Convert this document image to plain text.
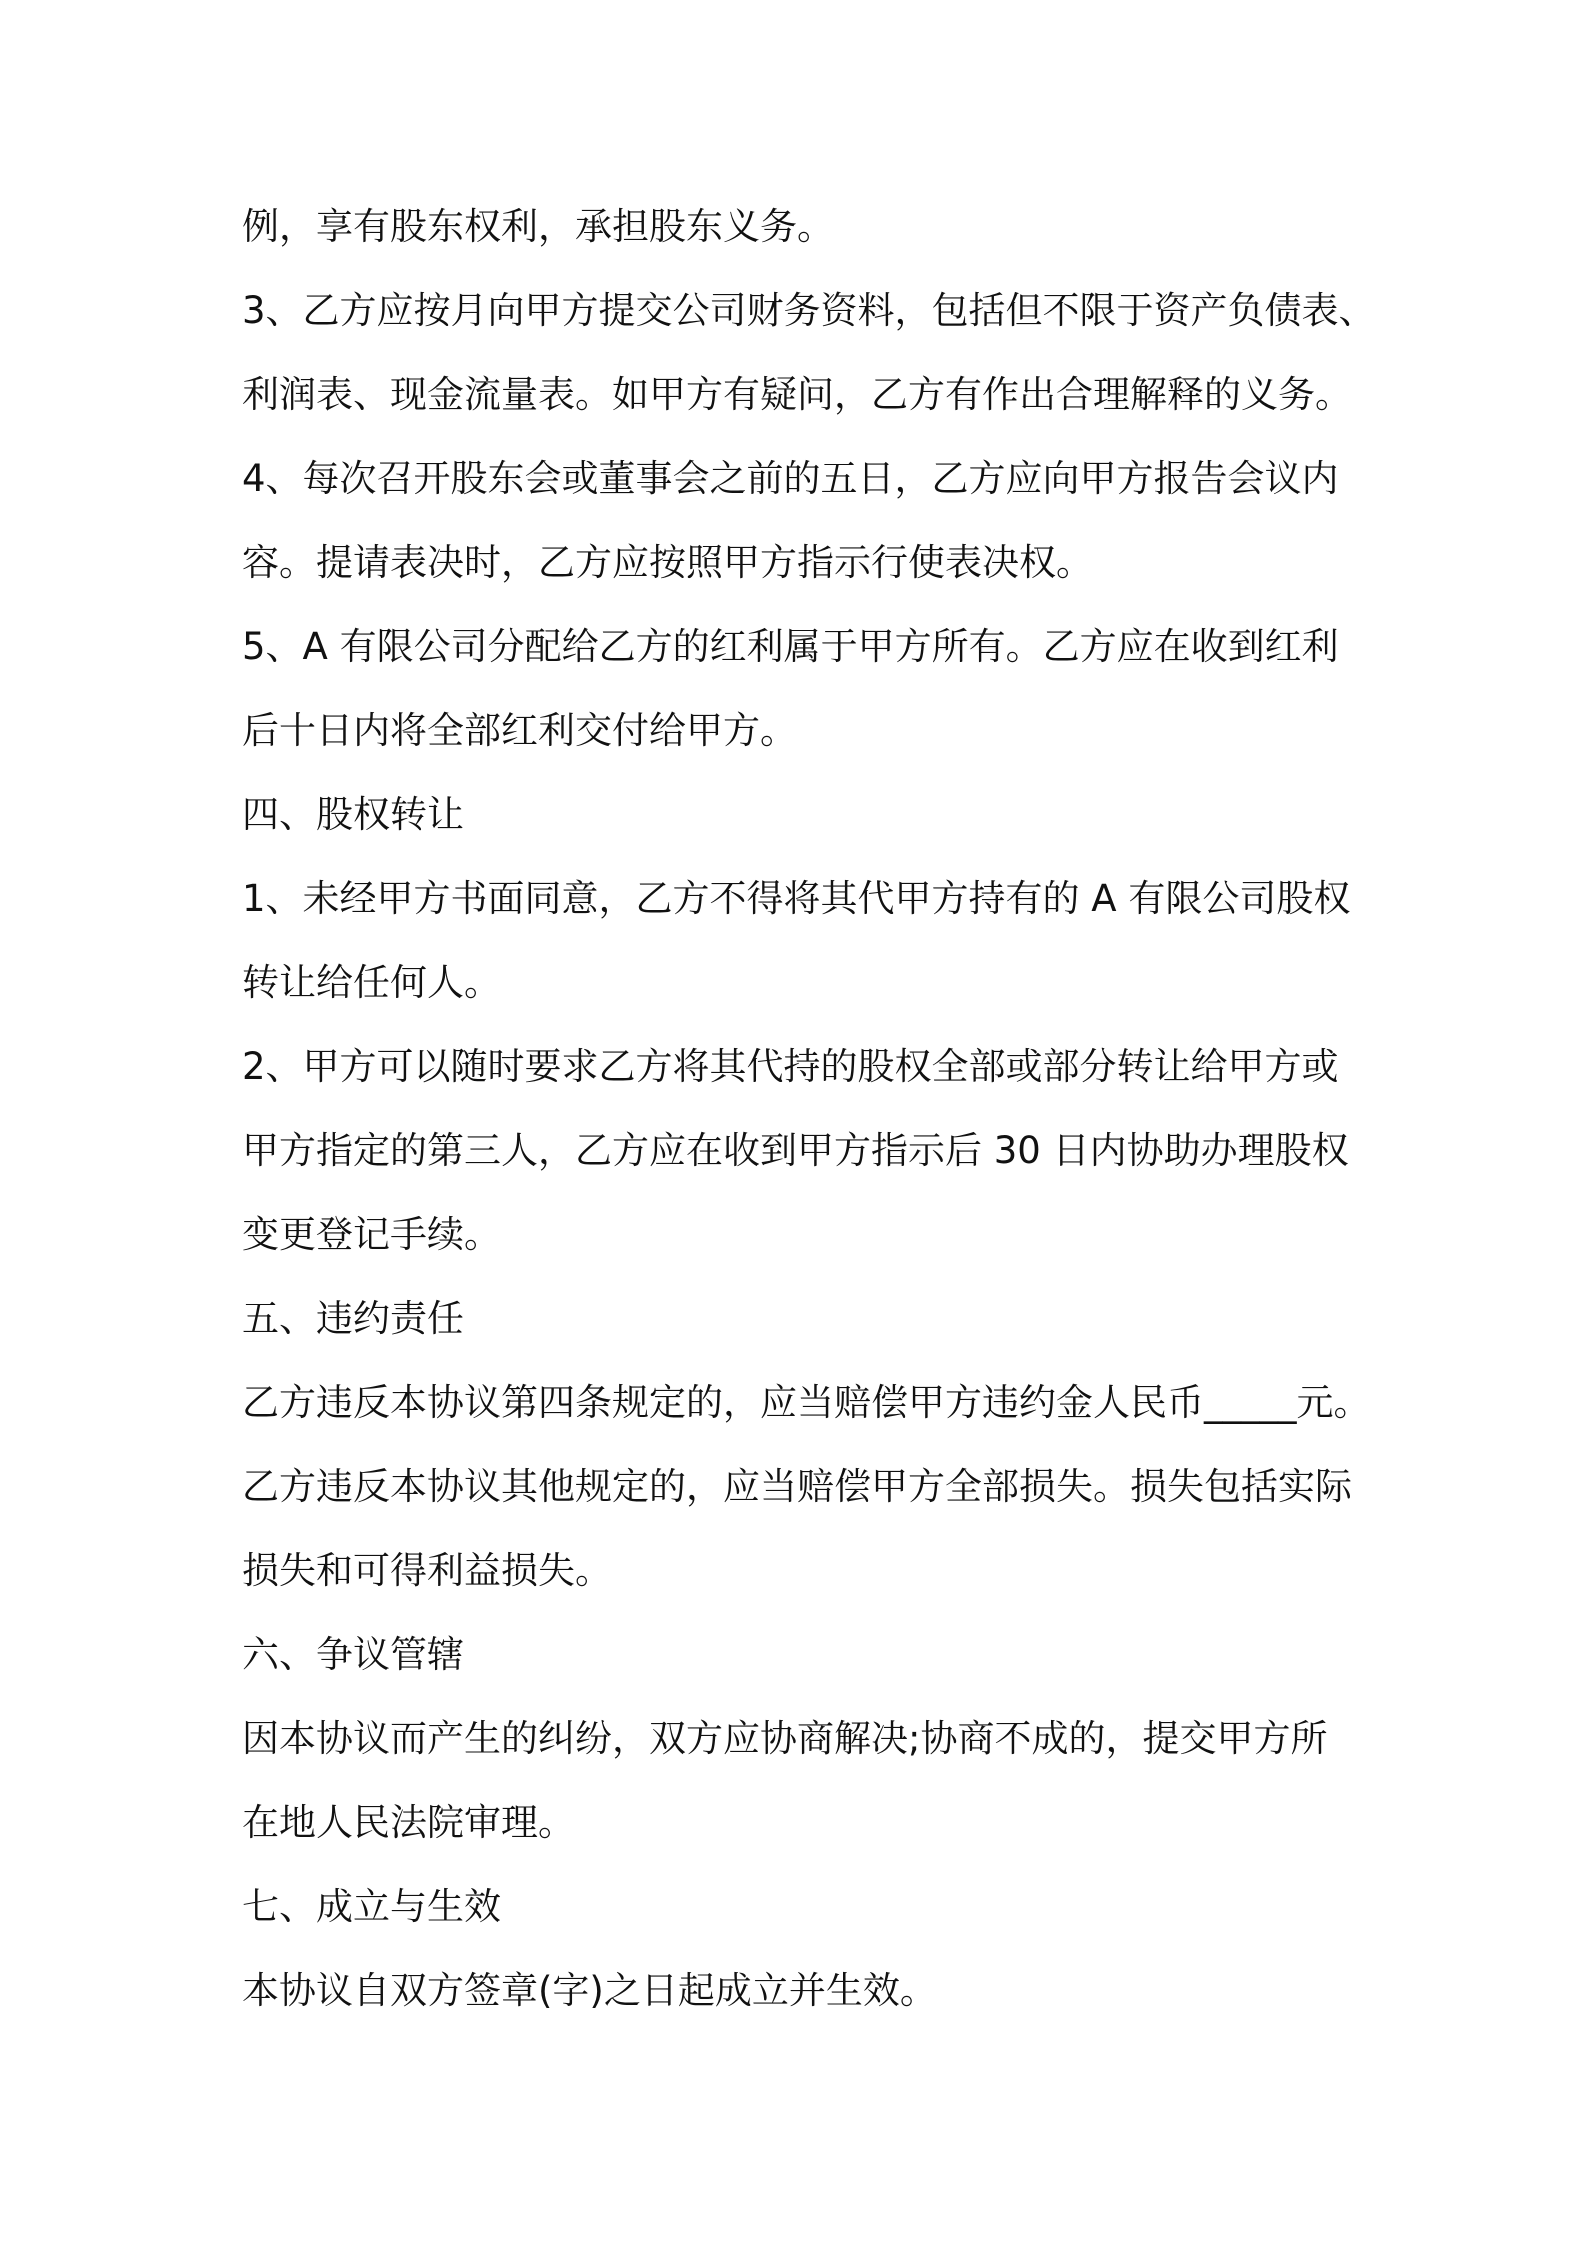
例，享有股东权利，承担股东义务。

3、乙方应按月向甲方提交公司财务资料，包括但不限于资产负债表、

利润表、现金流量表。如甲方有疑问，乙方有作出合理解释的义务。

4、每次召开股东会或董事会之前的五日，乙方应向甲方报告会议内

容。提请表决时，乙方应按照甲方指示行使表决权。

5、A 有限公司分配给乙方的红利属于甲方所有。乙方应在收到红利

后十日内将全部红利交付给甲方。

四、股权转让

1、未经甲方书面同意，乙方不得将其代甲方持有的 A 有限公司股权

转让给任何人。

2、甲方可以随时要求乙方将其代持的股权全部或部分转让给甲方或

甲方指定的第三人，乙方应在收到甲方指示后 30 日内协助办理股权

变更登记手续。

五、违约责任

乙方违反本协议第四条规定的，应当赔偿甲方违约金人民币_____元。

乙方违反本协议其他规定的，应当赔偿甲方全部损失。损失包括实际

损失和可得利益损失。

六、争议管辖

因本协议而产生的纠纷，双方应协商解决;协商不成的，提交甲方所

在地人民法院审理。

七、成立与生效

本协议自双方签章(字)之日起成立并生效。
